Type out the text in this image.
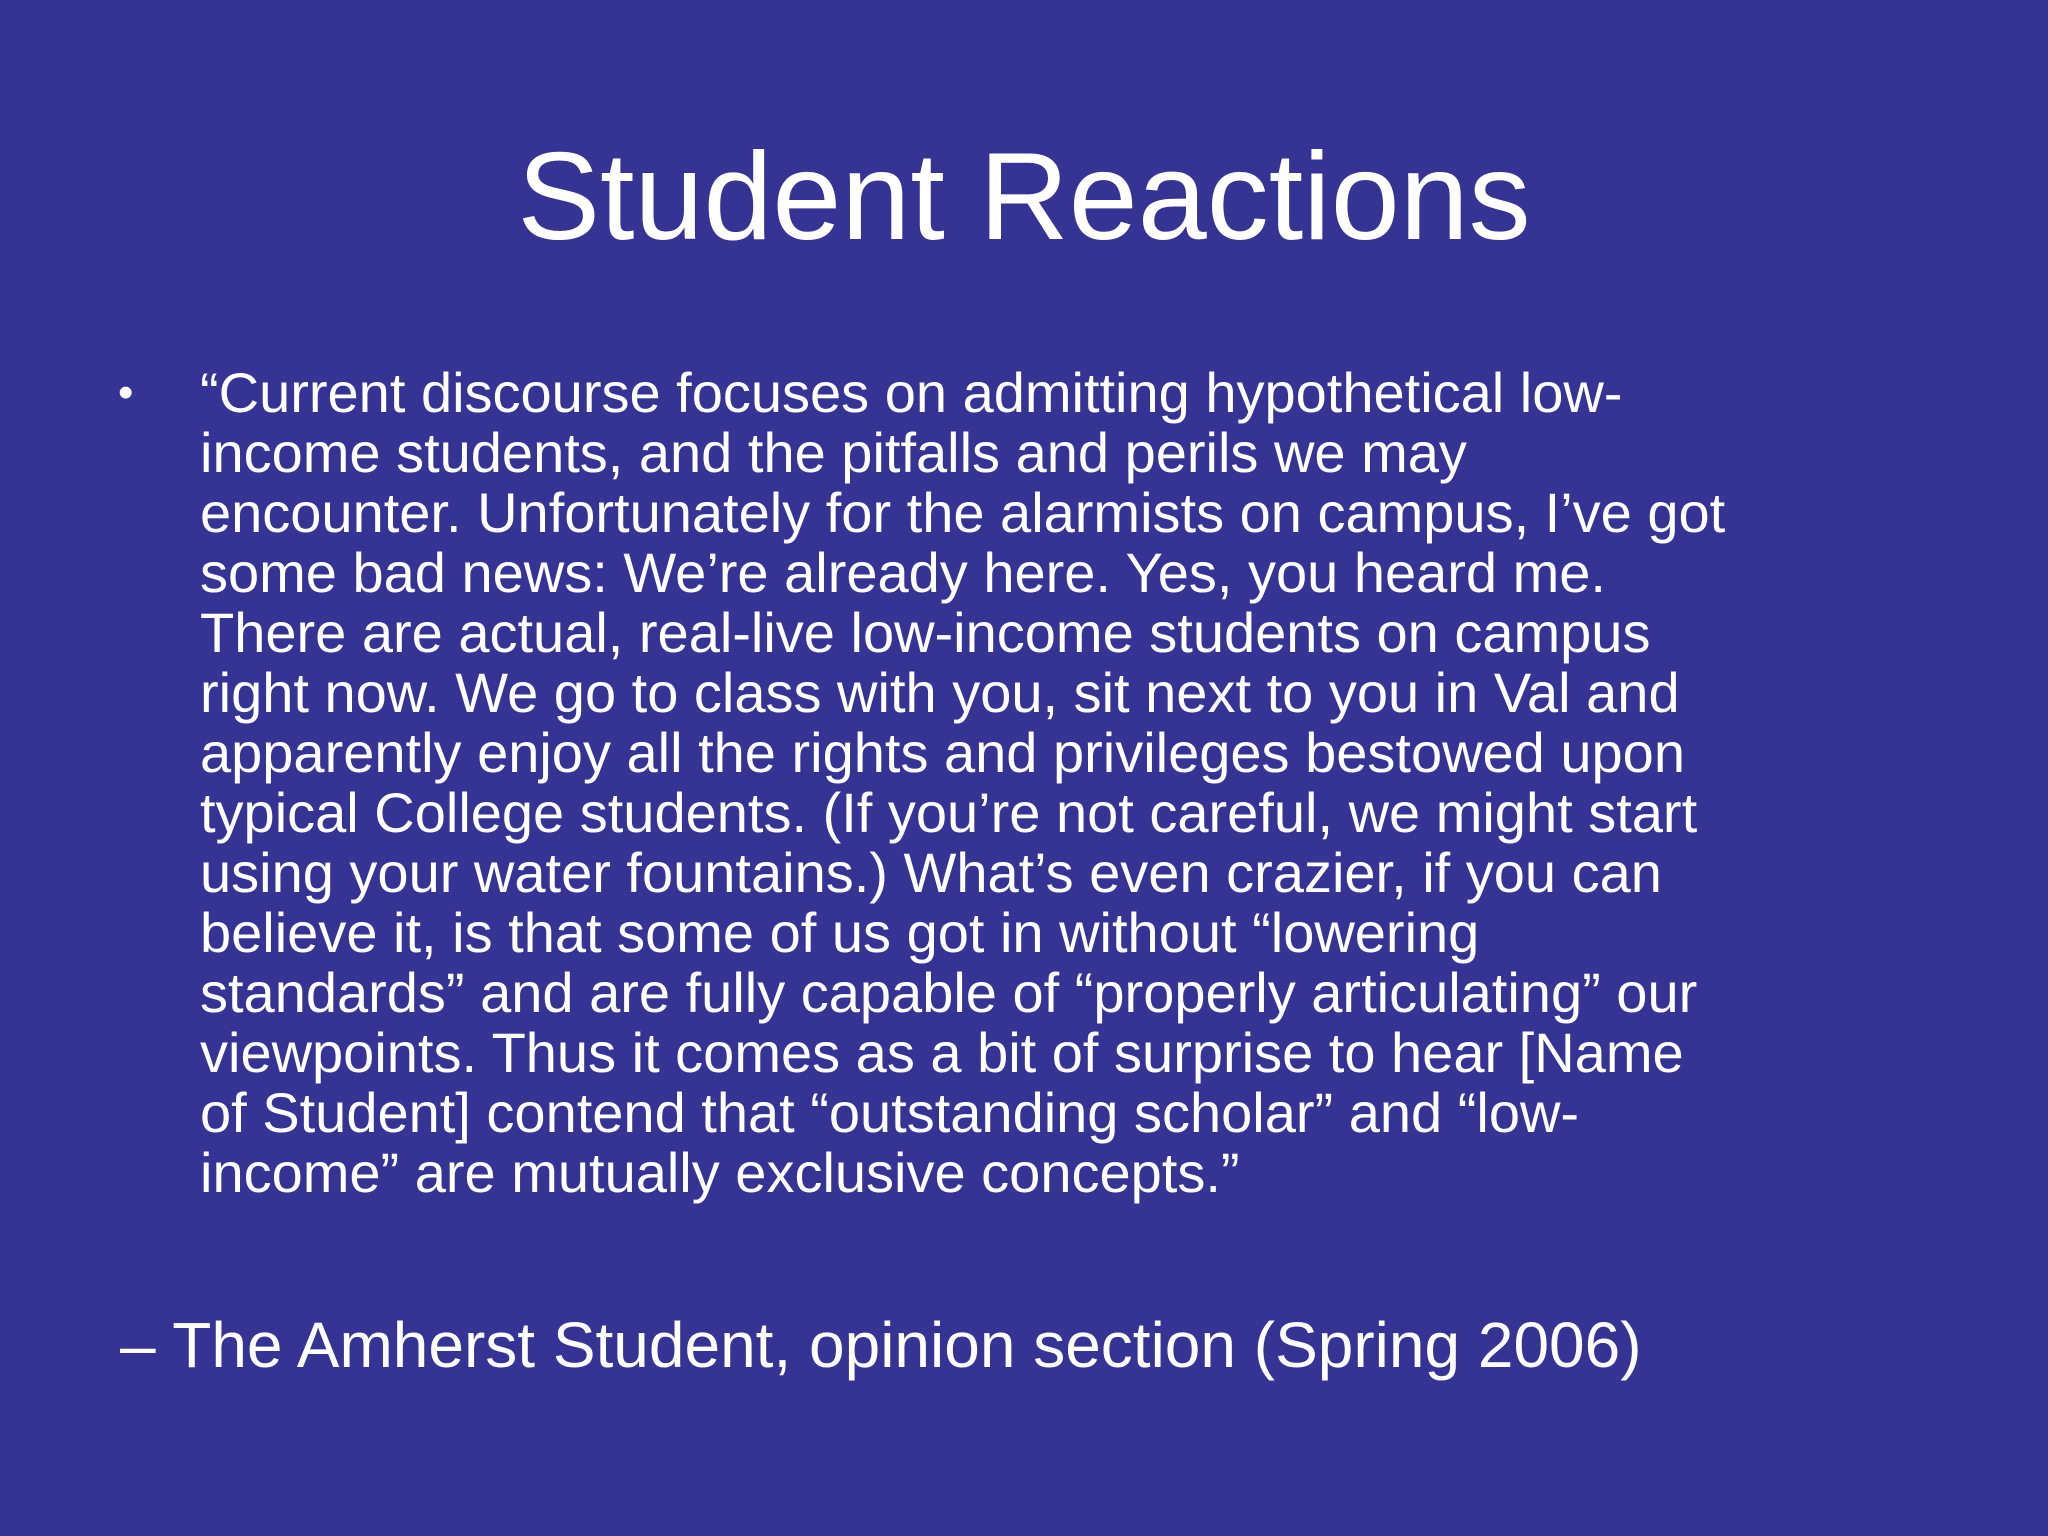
Student Reactions
• “Current discourse focuses on admitting hypothetical low-
income students, and the pitfalls and perils we may
encounter. Unfortunately for the alarmists on campus, I’ve got
some bad news: We’re already here. Yes, you heard me.
There are actual, real-live low-income students on campus
right now. We go to class with you, sit next to you in Val and
apparently enjoy all the rights and privileges bestowed upon
typical College students. (If you’re not careful, we might start
using your water fountains.) What’s even crazier, if you can
believe it, is that some of us got in without “lowering
standards” and are fully capable of “properly articulating” our
viewpoints. Thus it comes as a bit of surprise to hear [Name
of Student] contend that “outstanding scholar” and “low-
income” are mutually exclusive concepts.”
– The Amherst Student, opinion section (Spring 2006)
